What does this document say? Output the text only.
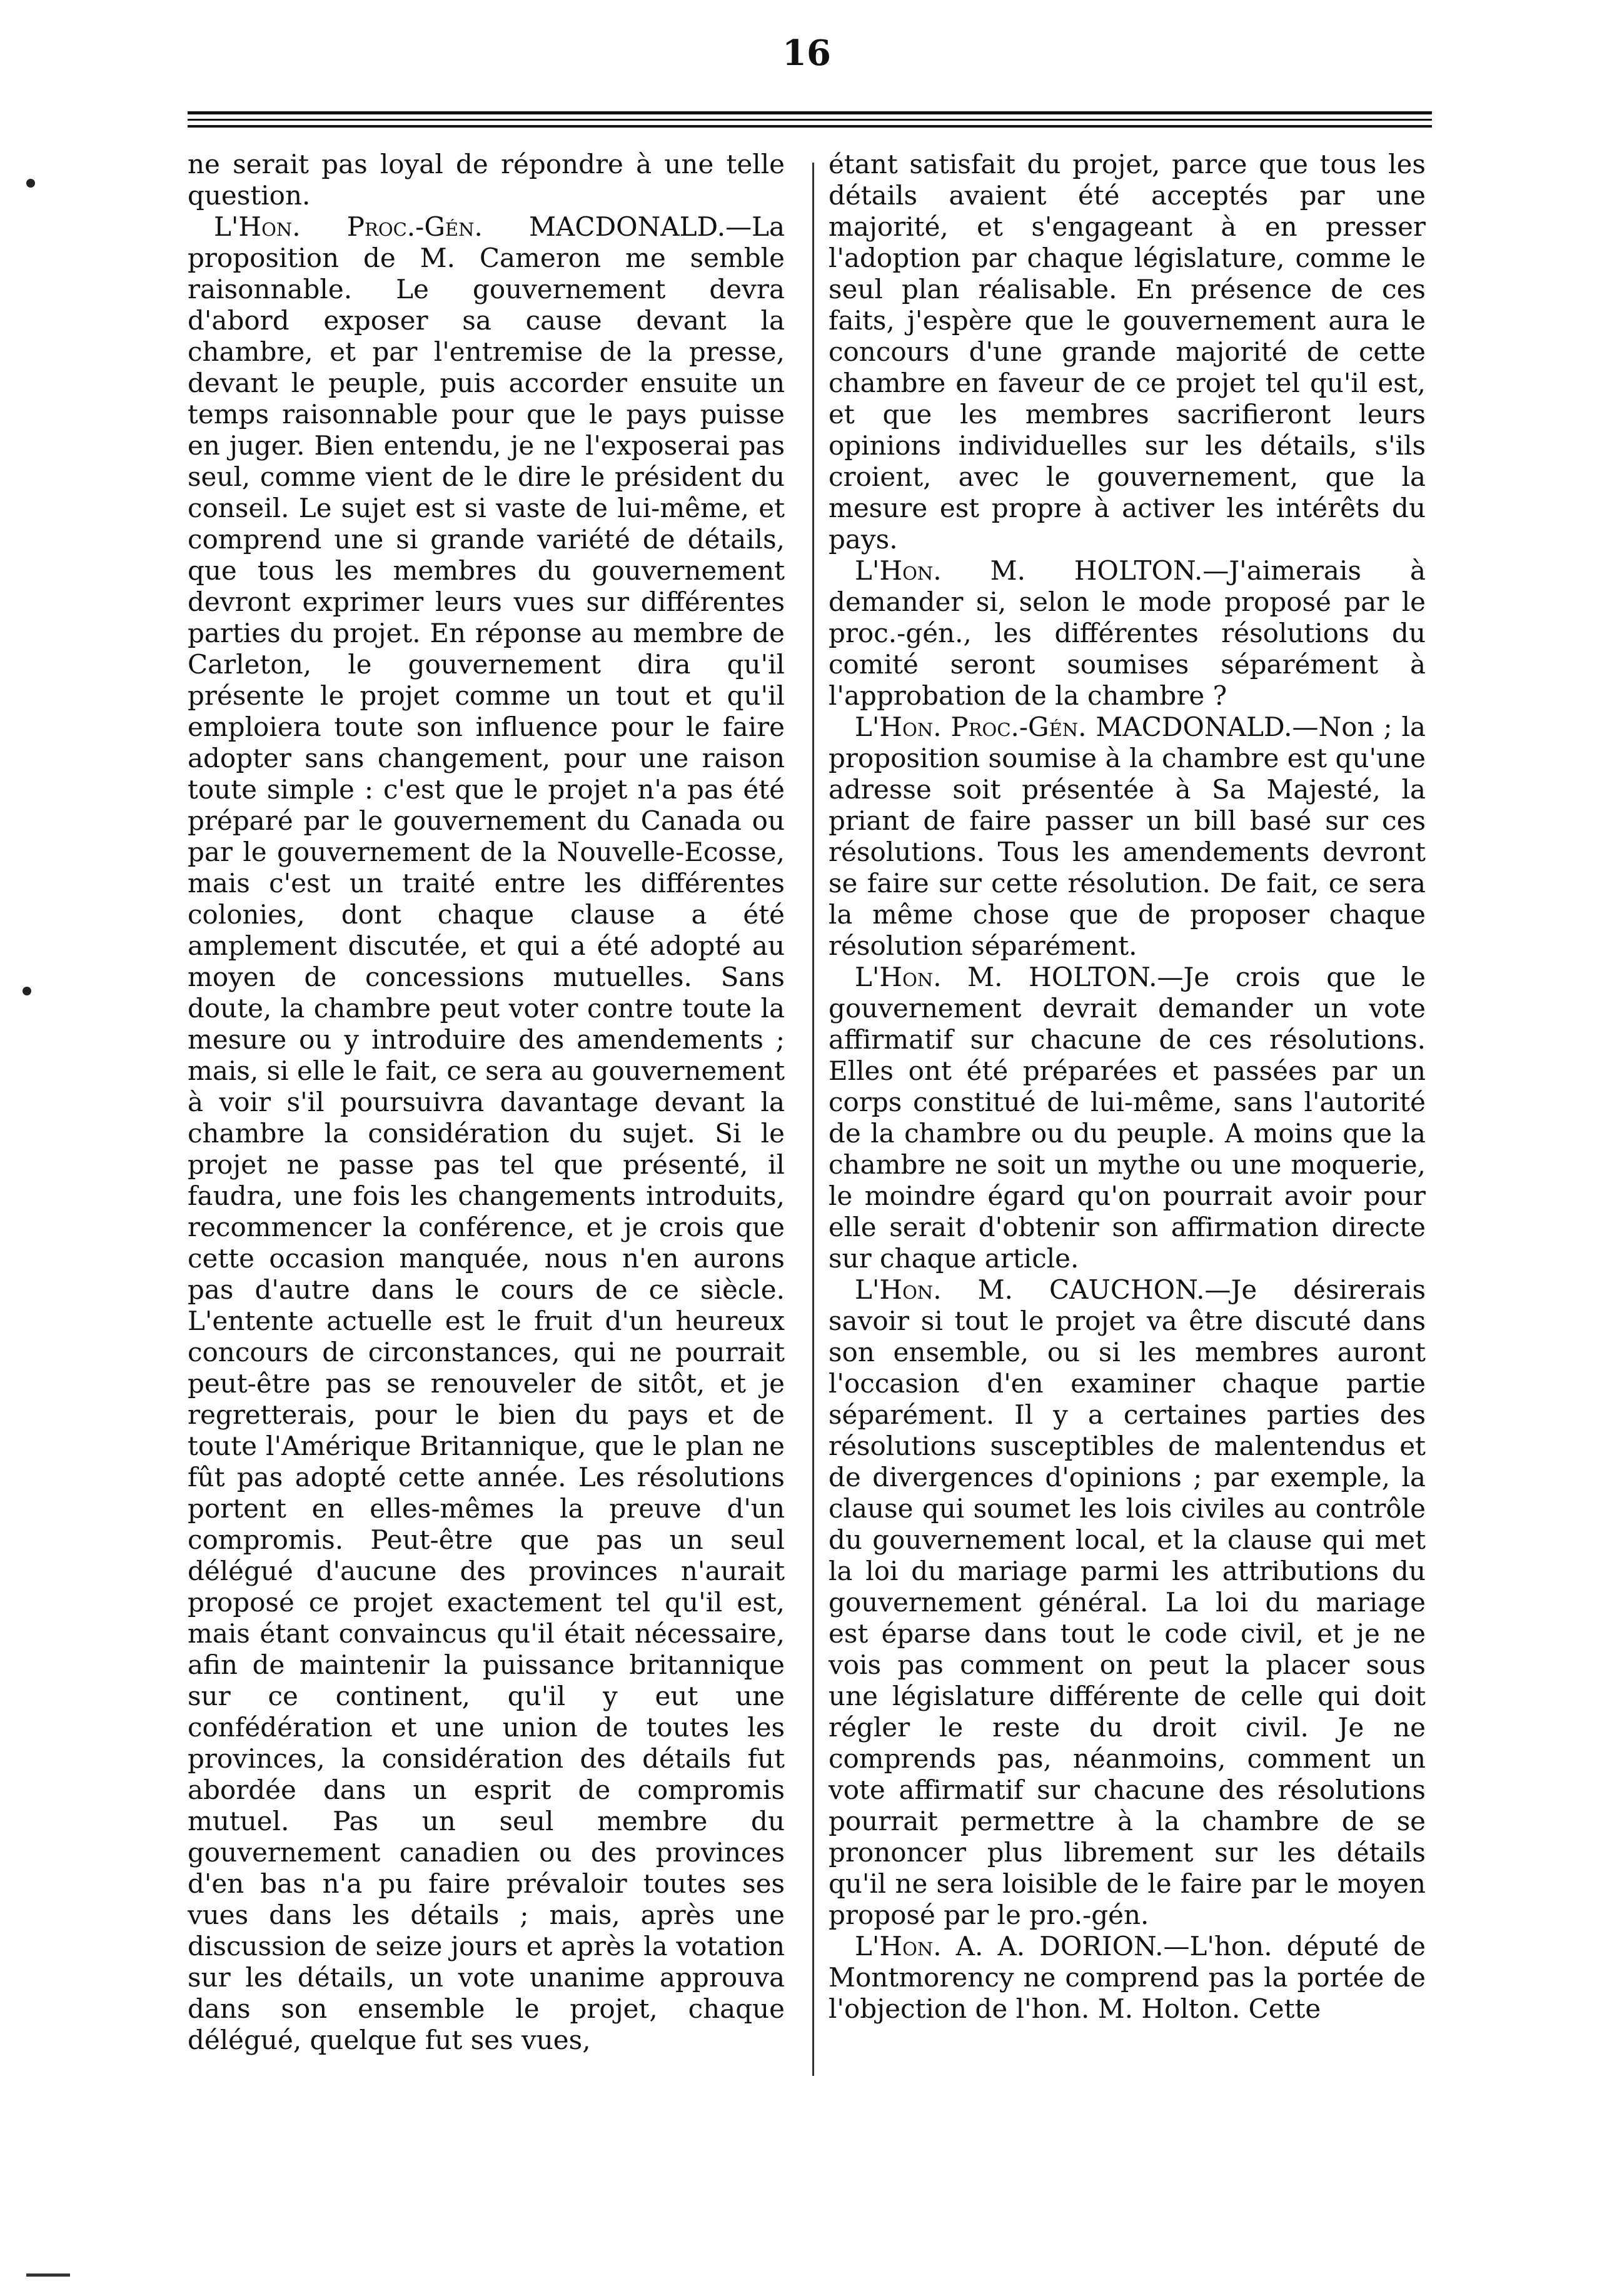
16

ne serait pas loyal de répondre à une telle question.

L'Hon. Proc.-Gén. MACDONALD.—La proposition de M. Cameron me semble raisonnable. Le gouvernement devra d'abord exposer sa cause devant la chambre, et par l'entremise de la presse, devant le peuple, puis accorder ensuite un temps raisonnable pour que le pays puisse en juger. Bien entendu, je ne l'exposerai pas seul, comme vient de le dire le président du conseil. Le sujet est si vaste de lui-même, et comprend une si grande variété de détails, que tous les membres du gouvernement devront exprimer leurs vues sur différentes parties du projet. En réponse au membre de Carleton, le gouvernement dira qu'il présente le projet comme un tout et qu'il emploiera toute son influence pour le faire adopter sans changement, pour une raison toute simple : c'est que le projet n'a pas été préparé par le gouvernement du Canada ou par le gouvernement de la Nouvelle-Ecosse, mais c'est un traité entre les différentes colonies, dont chaque clause a été amplement discutée, et qui a été adopté au moyen de concessions mutuelles. Sans doute, la chambre peut voter contre toute la mesure ou y introduire des amendements ; mais, si elle le fait, ce sera au gouvernement à voir s'il poursuivra davantage devant la chambre la considération du sujet. Si le projet ne passe pas tel que présenté, il faudra, une fois les changements introduits, recommencer la conférence, et je crois que cette occasion manquée, nous n'en aurons pas d'autre dans le cours de ce siècle. L'entente actuelle est le fruit d'un heureux concours de circonstances, qui ne pourrait peut-être pas se renouveler de sitôt, et je regretterais, pour le bien du pays et de toute l'Amérique Britannique, que le plan ne fût pas adopté cette année. Les résolutions portent en elles-mêmes la preuve d'un compromis. Peut-être que pas un seul délégué d'aucune des provinces n'aurait proposé ce projet exactement tel qu'il est, mais étant convaincus qu'il était nécessaire, afin de maintenir la puissance britannique sur ce continent, qu'il y eut une confédération et une union de toutes les provinces, la considération des détails fut abordée dans un esprit de compromis mutuel. Pas un seul membre du gouvernement canadien ou des provinces d'en bas n'a pu faire prévaloir toutes ses vues dans les détails ; mais, après une discussion de seize jours et après la votation sur les détails, un vote unanime approuva dans son ensemble le projet, chaque délégué, quelque fut ses vues,

étant satisfait du projet, parce que tous les détails avaient été acceptés par une majorité, et s'engageant à en presser l'adoption par chaque législature, comme le seul plan réalisable. En présence de ces faits, j'espère que le gouvernement aura le concours d'une grande majorité de cette chambre en faveur de ce projet tel qu'il est, et que les membres sacrifieront leurs opinions individuelles sur les détails, s'ils croient, avec le gouvernement, que la mesure est propre à activer les intérêts du pays.

L'Hon. M. HOLTON.—J'aimerais à demander si, selon le mode proposé par le proc.-gén., les différentes résolutions du comité seront soumises séparément à l'approbation de la chambre ?

L'Hon. Proc.-Gén. MACDONALD.—Non ; la proposition soumise à la chambre est qu'une adresse soit présentée à Sa Majesté, la priant de faire passer un bill basé sur ces résolutions. Tous les amendements devront se faire sur cette résolution. De fait, ce sera la même chose que de proposer chaque résolution séparément.

L'Hon. M. HOLTON.—Je crois que le gouvernement devrait demander un vote affirmatif sur chacune de ces résolutions. Elles ont été préparées et passées par un corps constitué de lui-même, sans l'autorité de la chambre ou du peuple. A moins que la chambre ne soit un mythe ou une moquerie, le moindre égard qu'on pourrait avoir pour elle serait d'obtenir son affirmation directe sur chaque article.

L'Hon. M. CAUCHON.—Je désirerais savoir si tout le projet va être discuté dans son ensemble, ou si les membres auront l'occasion d'en examiner chaque partie séparément. Il y a certaines parties des résolutions susceptibles de malentendus et de divergences d'opinions ; par exemple, la clause qui soumet les lois civiles au contrôle du gouvernement local, et la clause qui met la loi du mariage parmi les attributions du gouvernement général. La loi du mariage est éparse dans tout le code civil, et je ne vois pas comment on peut la placer sous une législature différente de celle qui doit régler le reste du droit civil. Je ne comprends pas, néanmoins, comment un vote affirmatif sur chacune des résolutions pourrait permettre à la chambre de se prononcer plus librement sur les détails qu'il ne sera loisible de le faire par le moyen proposé par le pro.-gén.

L'Hon. A. A. DORION.—L'hon. député de Montmorency ne comprend pas la portée de l'objection de l'hon. M. Holton. Cette
